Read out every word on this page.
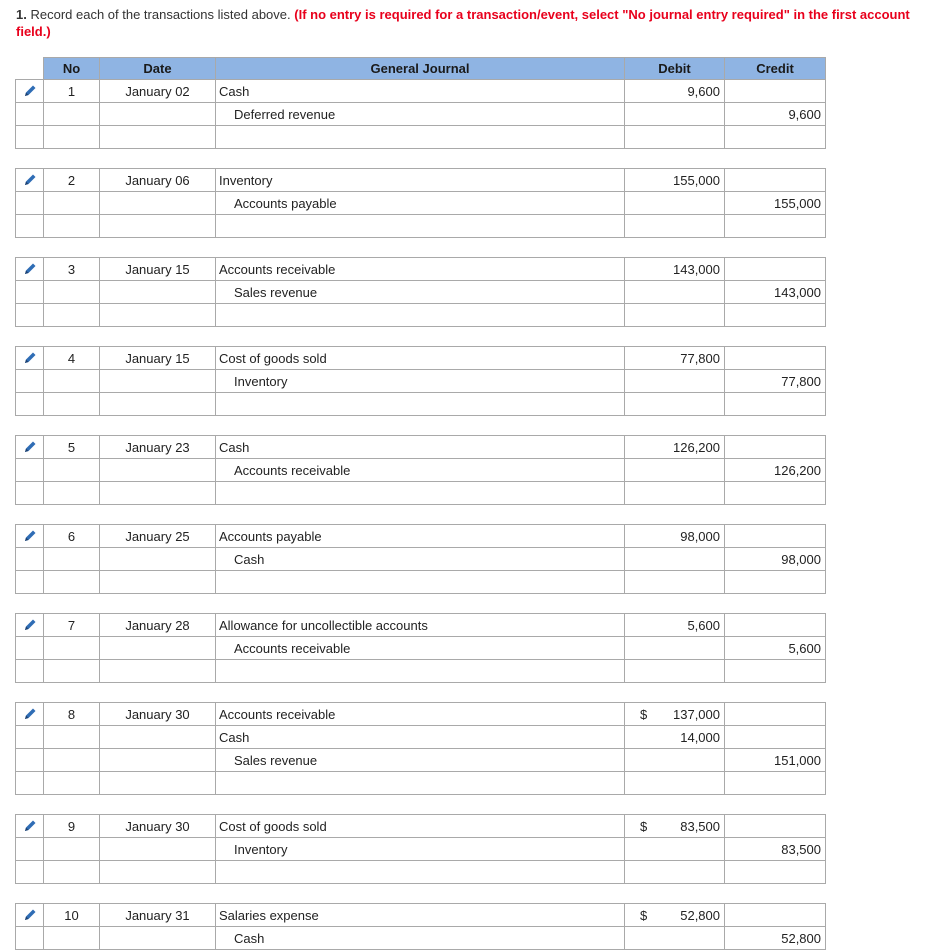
1. Record each of the transactions listed above. (If no entry is required for a transaction/event, select "No journal entry required" in the first account field.)
	No	Date	General Journal	Debit	Credit
	1	January 02	Cash	9,600	
			Deferred revenue		9,600

	2	January 06	Inventory	155,000	
			Accounts payable		155,000

	3	January 15	Accounts receivable	143,000	
			Sales revenue		143,000

	4	January 15	Cost of goods sold	77,800	
			Inventory		77,800

	5	January 23	Cash	126,200	
			Accounts receivable		126,200

	6	January 25	Accounts payable	98,000	
			Cash		98,000

	7	January 28	Allowance for uncollectible accounts	5,600	
			Accounts receivable		5,600

	8	January 30	Accounts receivable	$ 137,000	
			Cash	14,000	
			Sales revenue		151,000

	9	January 30	Cost of goods sold	$ 83,500	
			Inventory		83,500

	10	January 31	Salaries expense	$ 52,800	
			Cash		52,800
